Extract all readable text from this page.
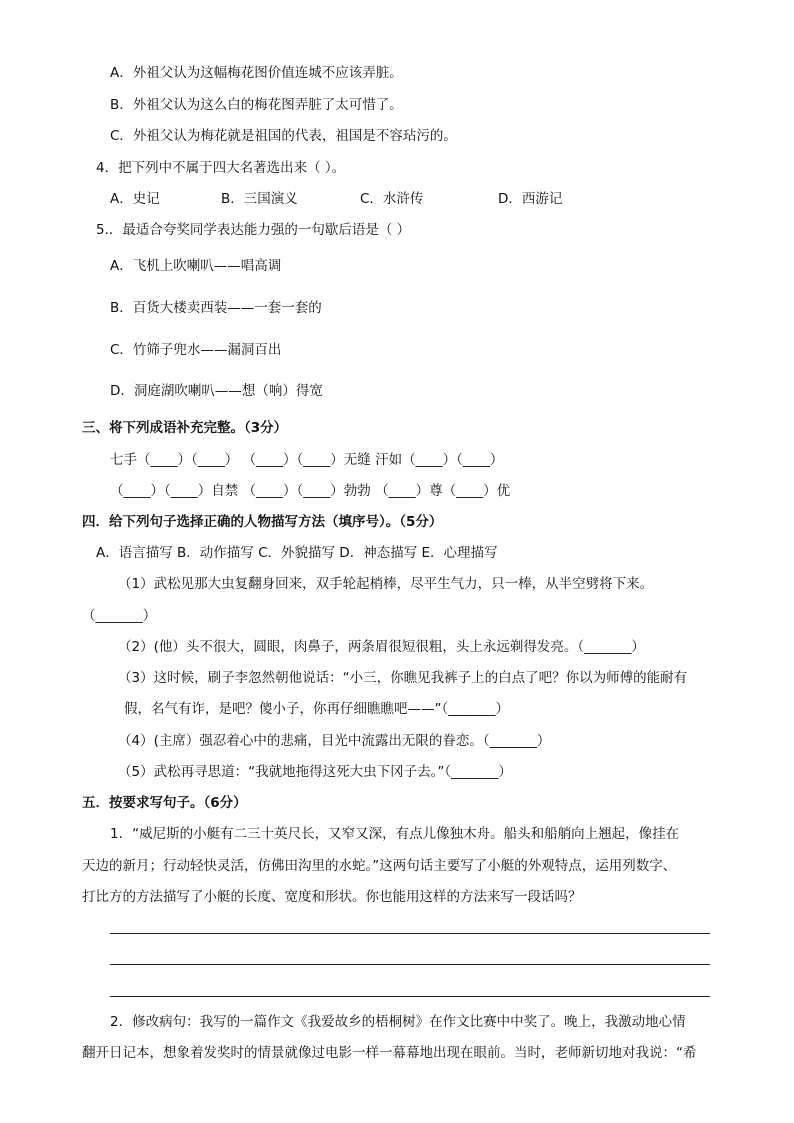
A．外祖父认为这幅梅花图价值连城不应该弄脏。
B．外祖父认为这么白的梅花图弄脏了太可惜了。
C．外祖父认为梅花就是祖国的代表，祖国是不容玷污的。
4．把下列中不属于四大名著选出来（ ）。
A．史记	B．三国演义	C．水浒传	D．西游记
5.．最适合夸奖同学表达能力强的一句歇后语是（ ）
A．飞机上吹喇叭——唱高调
B．百货大楼卖西装——一套一套的
C．竹筛子兜水——漏洞百出
D．洞庭湖吹喇叭——想（响）得宽
三、将下列成语补充完整。（3分）
七手（____）（____） （____）（____）无缝 汗如（____）（____）
（____）（____）自禁 （____）（____）勃勃 （____）尊（____）优
四．给下列句子选择正确的人物描写方法（填序号）。（5分）
A．语言描写 B．动作描写 C．外貌描写 D．神态描写 E．心理描写
（1）武松见那大虫复翻身回来，双手轮起梢棒，尽平生气力，只一棒，从半空劈将下来。
（_______）
（2）(他）头不很大，圆眼，肉鼻子，两条眉很短很粗，头上永远剃得发亮。（_______）
（3）这时候，刷子李忽然朝他说话：“小三，你瞧见我裤子上的白点了吧？你以为师傅的能耐有
假，名气有诈，是吧？傻小子，你再仔细瞧瞧吧——”（_______）
（4）(主席）强忍着心中的悲痛，目光中流露出无限的眷恋。（_______）
（5）武松再寻思道：“我就地拖得这死大虫下冈子去。”（_______）
五．按要求写句子。（6分）
1．“威尼斯的小艇有二三十英尺长，又窄又深，有点儿像独木舟。船头和船艄向上翘起，像挂在
天边的新月；行动轻快灵活，仿佛田沟里的水蛇。”这两句话主要写了小艇的外观特点，运用列数字、
打比方的方法描写了小艇的长度、宽度和形状。你也能用这样的方法来写一段话吗？
2．修改病句：我写的一篇作文《我爱故乡的梧桐树》在作文比赛中中奖了。晚上，我激动地心情
翻开日记本，想象着发奖时的情景就像过电影一样一幕幕地出现在眼前。当时，老师新切地对我说：“希
